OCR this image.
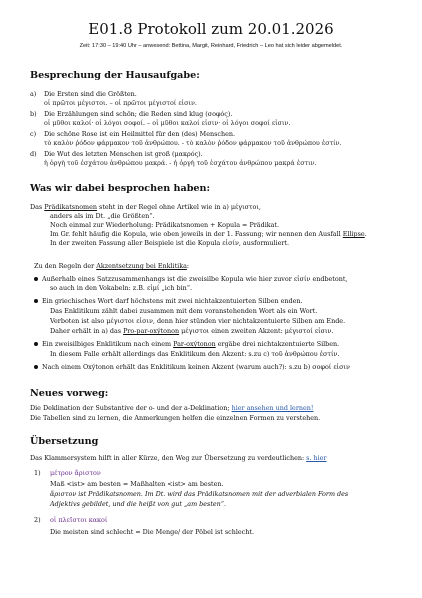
E01.8 Protokoll zum 20.01.2026
Zeit: 17:30 – 19:40 Uhr – anwesend: Bettina, Margit, Reinhard, Friedrich – Leo hat sich leider abgemeldet.
Besprechung der Hausaufgabe:
a) Die Ersten sind die Größten.
οἱ πρῶτοι μέγιστοι. – οἱ πρῶτοι μέγιστοί εἰσιν.
b) Die Erzählungen sind schön; die Reden sind klug (σοφός).
οἱ μῦθοι καλοί· οἱ λόγοι σοφοί. – οἱ μῦθοι καλοί εἰσιν· οἱ λόγοι σοφοί εἰσιν.
c) Die schöne Rose ist ein Heilmittel für den (des) Menschen.
τὸ καλὸν ῥόδον φάρμακον τοῦ ἀνθρώπου. - τὸ καλὸν ῥόδον φάρμακον τοῦ ἀνθρώπου ἐστίν.
d) Die Wut des letzten Menschen ist groß (μακρός).
ἡ ὀργὴ τοῦ ἐσχάτου ἀνθρώπου μακρά. - ἡ ὀργὴ τοῦ ἐσχάτου ἀνθρώπου μακρά ἐστιν.
Was wir dabei besprochen haben:
Das Prädikatsnomen steht in der Regel ohne Artikel wie in a) μέγιστοι,
anders als im Dt. „die Größten“.
Noch einmal zur Wiederholung: Prädikatsnomen + Kopula = Prädikat.
Im Gr. fehlt häufig die Kopula, wie oben jeweils in der 1. Fassung; wir nennen den Ausfall Ellipse.
In der zweiten Fassung aller Beispiele ist die Kopula εἰσίν, ausformuliert.
Zu den Regeln der Akzentsetzung bei Enklitika:
Außerhalb eines Satzzusammenhangs ist die zweisilbe Kopula wie hier zuvor εἰσίν endbetont,
so auch in den Vokabeln: z.B. εἰμί „ich bin“.
Ein griechisches Wort darf höchstens mit zwei nichtakzentuierten Silben enden.
Das Enklitikum zählt dabei zusammen mit dem voranstehenden Wort als ein Wort.
Verboten ist also μέγιστοι εἰσιν, denn hier stünden vier nichtakzentuierte Silben am Ende.
Daher erhält in a) das Pro-par-oxýtonon μέγιστοι einen zweiten Akzent: μέγιστοί εἰσιν.
Ein zweisilbiges Enklitikum nach einem Par-oxýtonon ergäbe drei nichtakzentuierte Silben.
In diesem Falle erhält allerdings das Enklitikum den Akzent: s.zu c) τοῦ ἀνθρώπου ἐστίν.
Nach einem Oxýtonon erhält das Enklitikum keinen Akzent (warum auch?): s.zu b) σοφοί εἰσιν
Neues vorweg:
Die Deklination der Substantive der o- und der a-Deklination; hier ansehen und lernen!
Die Tabellen sind zu lernen, die Anmerkungen helfen die einzelnen Formen zu verstehen.
Übersetzung
Das Klammersystem hilft in aller Kürze, den Weg zur Übersetzung zu verdeutlichen: s. hier
1) μέτρον ἄριστον
Maß <ist> am besten = Maßhalten <ist> am besten.
ἄριστον ist Prädikatsnomen. Im Dt. wird das Prädikatsnomen mit der adverbialen Form des
Adjektivs gebildet, und die heißt von gut „am besten“.
2) οἱ πλεῖστοι κακοί
Die meisten sind schlecht = Die Menge/ der Pöbel ist schlecht.
